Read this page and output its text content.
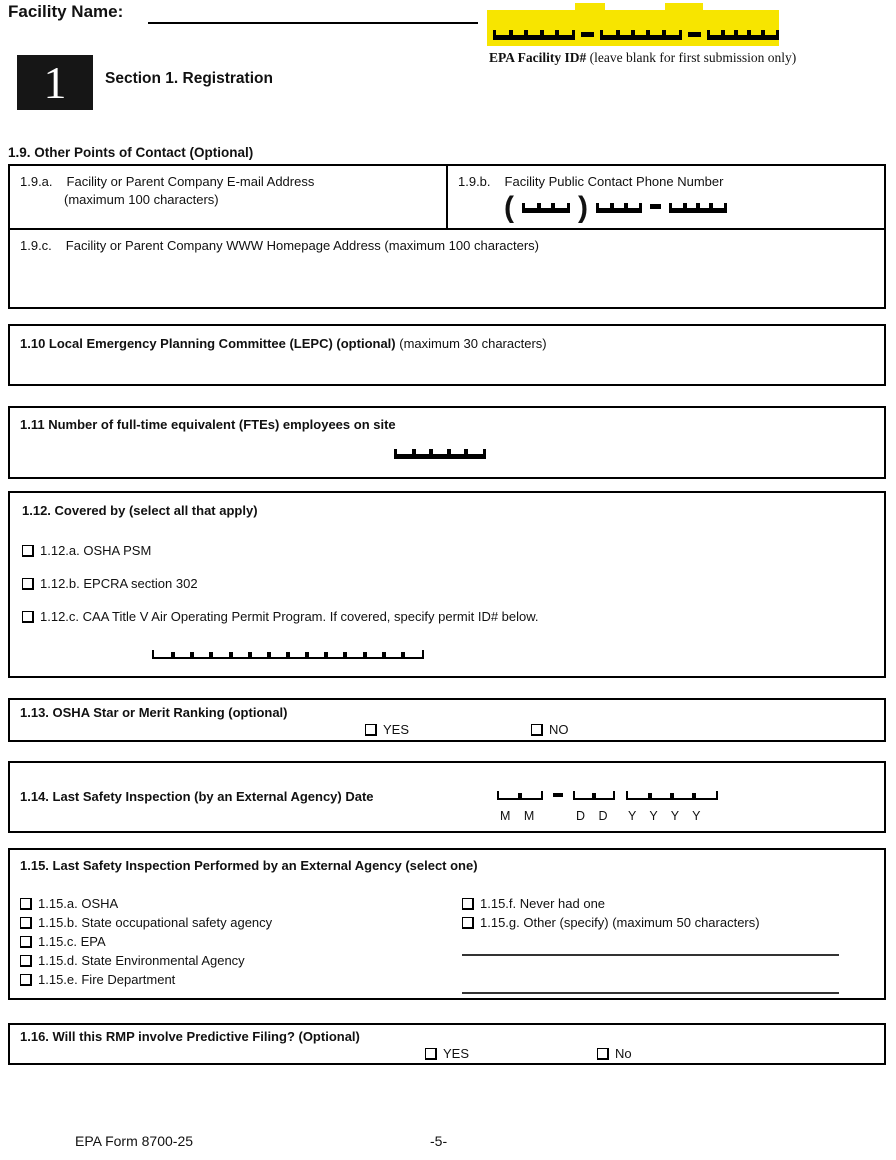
Facility Name:
EPA Facility ID# (leave blank for first submission only)
1 Section 1. Registration
1.9. Other Points of Contact (Optional)
1.9.a. Facility or Parent Company E-mail Address
(maximum 100 characters)
1.9.b. Facility Public Contact Phone Number
( )
1.9.c. Facility or Parent Company WWW Homepage Address (maximum 100 characters)
1.10 Local Emergency Planning Committee (LEPC) (optional) (maximum 30 characters)
1.11 Number of full-time equivalent (FTEs) employees on site
1.12. Covered by (select all that apply)
1.12.a. OSHA PSM
1.12.b. EPCRA section 302
1.12.c. CAA Title V Air Operating Permit Program. If covered, specify permit ID# below.
1.13. OSHA Star or Merit Ranking (optional)
YES	NO
1.14. Last Safety Inspection (by an External Agency) Date
M M	D D Y Y Y Y
1.15. Last Safety Inspection Performed by an External Agency (select one)
1.15.a. OSHA
1.15.b. State occupational safety agency
1.15.c. EPA
1.15.d. State Environmental Agency
1.15.e. Fire Department
1.15.f. Never had one
1.15.g. Other (specify) (maximum 50 characters)
1.16. Will this RMP involve Predictive Filing? (Optional)
YES	No
EPA Form 8700-25	-5-
